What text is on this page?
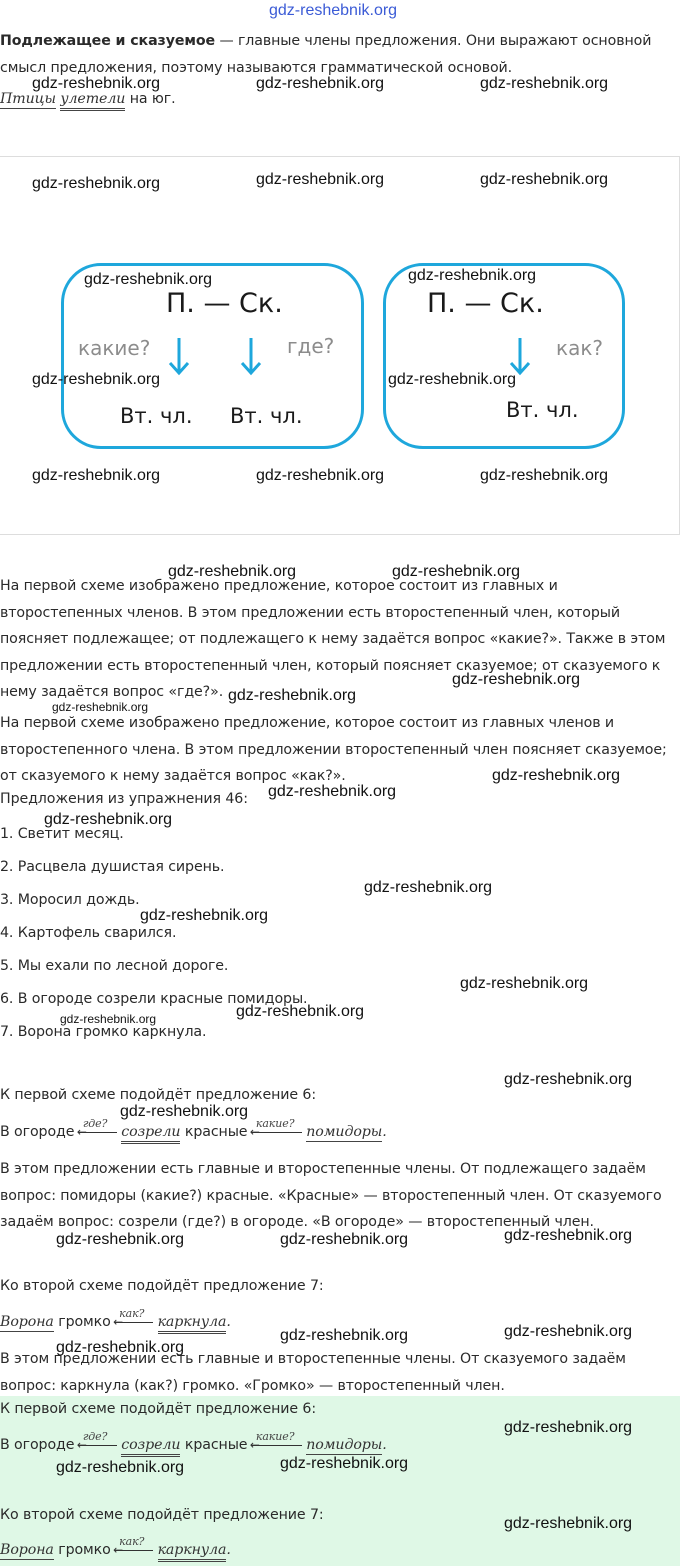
gdz-reshebnik.org
Подлежащее и сказуемое — главные члены предложения. Они выражают основной
смысл предложения, поэтому называются грамматической основой.
Птицы улетели на юг.
П. — Ск.
какие?	где?
Вт. чл. Вт. чл.
П. — Ск.
как?
Вт. чл.
На первой схеме изображено предложение, которое состоит из главных и
второстепенных членов. В этом предложении есть второстепенный член, который
поясняет подлежащее; от подлежащего к нему задаётся вопрос «какие?». Также в этом
предложении есть второстепенный член, который поясняет сказуемое; от сказуемого к
нему задаётся вопрос «где?».
На первой схеме изображено предложение, которое состоит из главных членов и
второстепенного члена. В этом предложении второстепенный член поясняет сказуемое;
от сказуемого к нему задаётся вопрос «как?».
Предложения из упражнения 46:
1. Светит месяц.
2. Расцвела душистая сирень.
3. Моросил дождь.
4. Картофель сварился.
5. Мы ехали по лесной дороге.
6. В огороде созрели красные помидоры.
7. Ворона громко каркнула.
К первой схеме подойдёт предложение 6:
В огороде
где?
← созрели красные
какие?
←	помидоры.
В этом предложении есть главные и второстепенные члены. От подлежащего задаём
вопрос: помидоры (какие?) красные. «Красные» — второстепенный член. От сказуемого
задаём вопрос: созрели (где?) в огороде. «В огороде» — второстепенный член.
Ко второй схеме подойдёт предложение 7:
Ворона громко
как?
← каркнула.
В этом предложении есть главные и второстепенные члены. От сказуемого задаём
вопрос: каркнула (как?) громко. «Громко» — второстепенный член.
К первой схеме подойдёт предложение 6:
В огороде
где?
← созрели красные
какие?
←	помидоры.
Ко второй схеме подойдёт предложение 7:
Ворона громко
как?
← каркнула.
gdz-reshebnik.org	gdz-reshebnik.org	gdz-reshebnik.org
gdz-reshebnik.org	gdz-reshebnik.org	gdz-reshebnik.org
gdz-reshebnik.org	gdz-reshebnik.org
gdz-reshebnik.org	gdz-reshebnik.org
gdz-reshebnik.org	gdz-reshebnik.org	gdz-reshebnik.org
gdz-reshebnik.org	gdz-reshebnik.org
gdz-reshebnik.org
gdz-reshebnik.org
gdz-reshebnik.org
gdz-reshebnik.org
gdz-reshebnik.org
gdz-reshebnik.org
gdz-reshebnik.org
gdz-reshebnik.org
gdz-reshebnik.org
gdz-reshebnik.org
gdz-reshebnik.org
gdz-reshebnik.org
gdz-reshebnik.org
gdz-reshebnik.org
gdz-reshebnik.org	gdz-reshebnik.org
gdz-reshebnik.org
gdz-reshebnik.org
gdz-reshebnik.org
gdz-reshebnik.org
gdz-reshebnik.org	gdz-reshebnik.org
gdz-reshebnik.org
